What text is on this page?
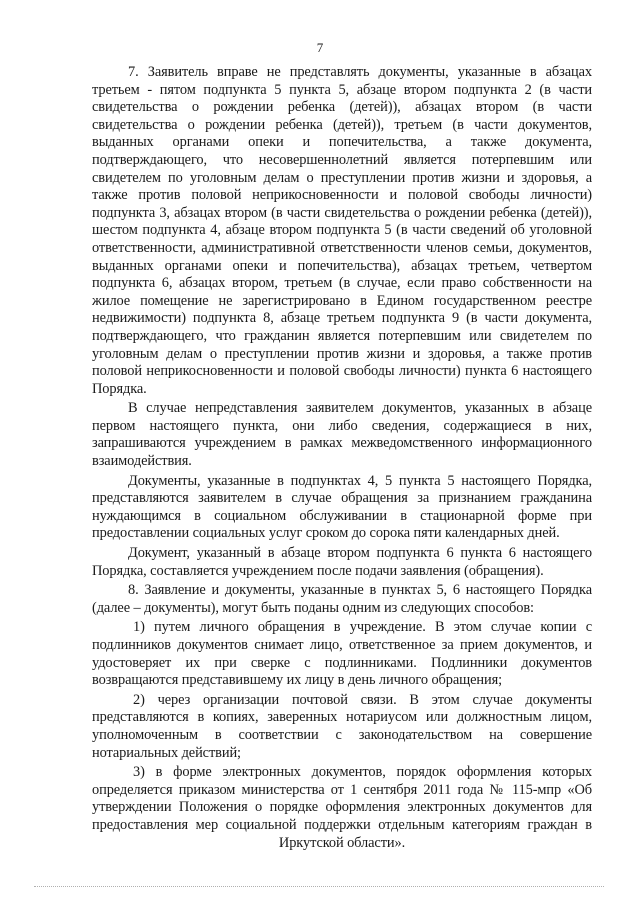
7

7. Заявитель вправе не представлять документы, указанные в абзацах третьем - пятом подпункта 5 пункта 5, абзаце втором подпункта 2 (в части свидетельства о рождении ребенка (детей)), абзацах втором (в части свидетельства о рождении ребенка (детей)), третьем (в части документов, выданных органами опеки и попечительства, а также документа, подтверждающего, что несовершеннолетний является потерпевшим или свидетелем по уголовным делам о преступлении против жизни и здоровья, а также против половой неприкосновенности и половой свободы личности) подпункта 3, абзацах втором (в части свидетельства о рождении ребенка (детей)), шестом подпункта 4, абзаце втором подпункта 5 (в части сведений об уголовной ответственности, административной ответственности членов семьи, документов, выданных органами опеки и попечительства), абзацах третьем, четвертом подпункта 6, абзацах втором, третьем (в случае, если право собственности на жилое помещение не зарегистрировано в Едином государственном реестре недвижимости) подпункта 8, абзаце третьем подпункта 9 (в части документа, подтверждающего, что гражданин является потерпевшим или свидетелем по уголовным делам о преступлении против жизни и здоровья, а также против половой неприкосновенности и половой свободы личности) пункта 6 настоящего Порядка.

В случае непредставления заявителем документов, указанных в абзаце первом настоящего пункта, они либо сведения, содержащиеся в них, запрашиваются учреждением в рамках межведомственного информационного взаимодействия.

Документы, указанные в подпунктах 4, 5 пункта 5 настоящего Порядка, представляются заявителем в случае обращения за признанием гражданина нуждающимся в социальном обслуживании в стационарной форме при предоставлении социальных услуг сроком до сорока пяти календарных дней.

Документ, указанный в абзаце втором подпункта 6 пункта 6 настоящего Порядка, составляется учреждением после подачи заявления (обращения).

8. Заявление и документы, указанные в пунктах 5, 6 настоящего Порядка (далее – документы), могут быть поданы одним из следующих способов:

1) путем личного обращения в учреждение. В этом случае копии с подлинников документов снимает лицо, ответственное за прием документов, и удостоверяет их при сверке с подлинниками. Подлинники документов возвращаются представившему их лицу в день личного обращения;

2) через организации почтовой связи. В этом случае документы представляются в копиях, заверенных нотариусом или должностным лицом, уполномоченным в соответствии с законодательством на совершение нотариальных действий;

3) в форме электронных документов, порядок оформления которых определяется приказом министерства от 1 сентября 2011 года № 115-мпр «Об утверждении Положения о порядке оформления электронных документов для предоставления мер социальной поддержки отдельным категориям граждан в Иркутской области».
